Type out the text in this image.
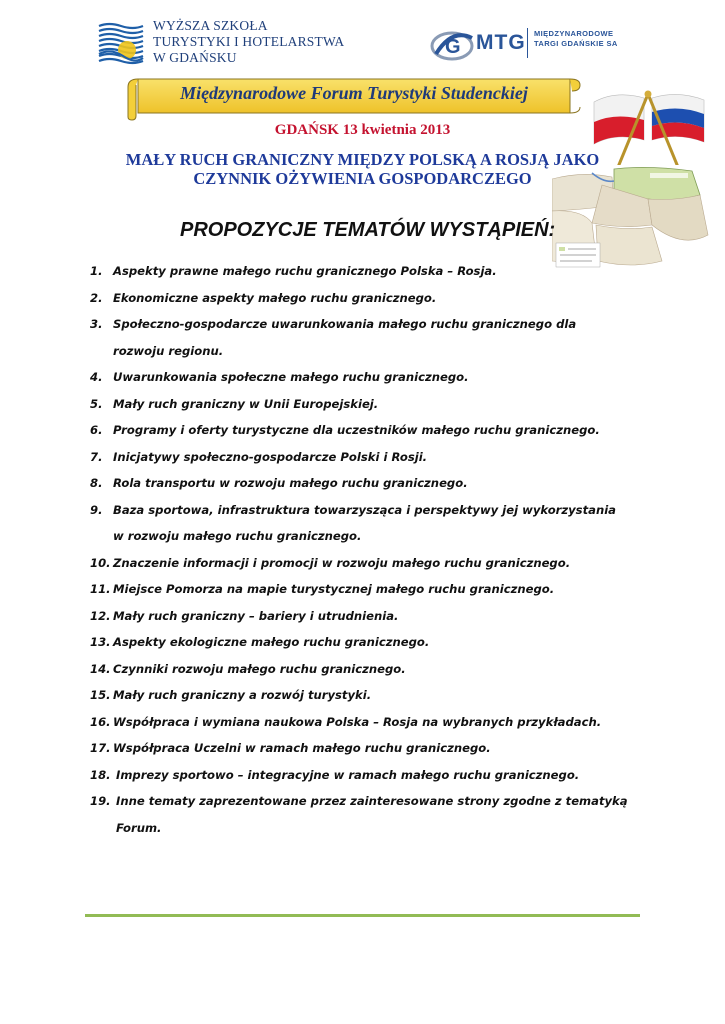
WYŻSZA SZKOŁA
TURYSTYKI I HOTELARSTWA
W GDAŃSKU	G MTG MIĘDZYNARODOWE
TARGI GDAŃSKIE SA
Międzynarodowe Forum Turystyki Studenckiej
GDAŃSK 13 kwietnia 2013
MAŁY RUCH GRANICZNY MIĘDZY POLSKĄ A ROSJĄ JAKO
CZYNNIK OŻYWIENIA GOSPODARCZEGO
PROPOZYCJE TEMATÓW WYSTĄPIEŃ:
1. Aspekty prawne małego ruchu granicznego Polska – Rosja.
2. Ekonomiczne aspekty małego ruchu granicznego.
3. Społeczno-gospodarcze uwarunkowania małego ruchu granicznego dla rozwoju regionu.
4. Uwarunkowania społeczne małego ruchu granicznego.
5. Mały ruch graniczny w Unii Europejskiej.
6. Programy i oferty turystyczne dla uczestników małego ruchu granicznego.
7. Inicjatywy społeczno-gospodarcze Polski i Rosji.
8. Rola transportu w rozwoju małego ruchu granicznego.
9. Baza sportowa, infrastruktura towarzysząca i perspektywy jej wykorzystania w rozwoju małego ruchu granicznego.
10. Znaczenie informacji i promocji w rozwoju małego ruchu granicznego.
11. Miejsce Pomorza na mapie turystycznej małego ruchu granicznego.
12. Mały ruch graniczny – bariery i utrudnienia.
13. Aspekty ekologiczne małego ruchu granicznego.
14. Czynniki rozwoju małego ruchu granicznego.
15. Mały ruch graniczny a rozwój turystyki.
16. Współpraca i wymiana naukowa Polska – Rosja na wybranych przykładach.
17. Współpraca Uczelni w ramach małego ruchu granicznego.
18. Imprezy sportowo – integracyjne w ramach małego ruchu granicznego.
19. Inne tematy zaprezentowane przez zainteresowane strony zgodne z tematyką Forum.
